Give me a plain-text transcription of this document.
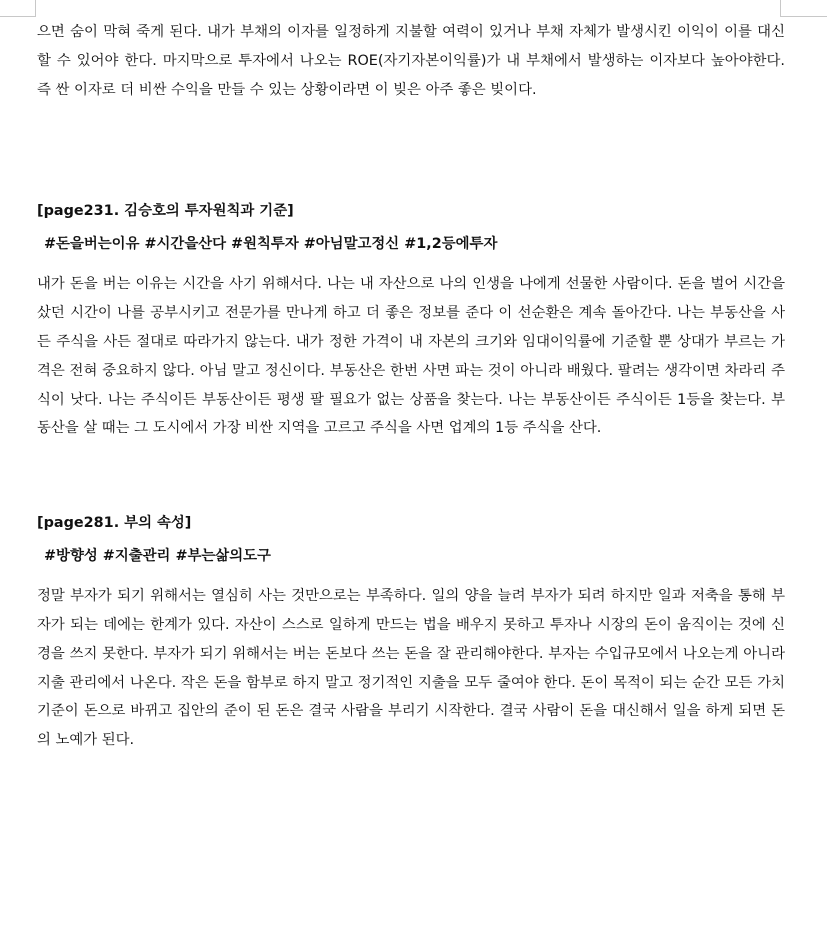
으면 숨이 막혀 죽게 된다. 내가 부채의 이자를 일정하게 지불할 여력이 있거나 부채 자체가 발생시킨 이익이 이를 대신할 수 있어야 한다. 마지막으로 투자에서 나오는 ROE(자기자본이익률)가 내 부채에서 발생하는 이자보다 높아야한다. 즉 싼 이자로 더 비싼 수익을 만들 수 있는 상황이라면 이 빚은 아주 좋은 빚이다.

[page231. 김승호의 투자원칙과 기준]

#돈을버는이유 #시간을산다 #원칙투자 #아님말고정신 #1,2등에투자

내가 돈을 버는 이유는 시간을 사기 위해서다. 나는 내 자산으로 나의 인생을 나에게 선물한 사람이다. 돈을 벌어 시간을 샀던 시간이 나를 공부시키고 전문가를 만나게 하고 더 좋은 정보를 준다 이 선순환은 계속 돌아간다. 나는 부동산을 사든 주식을 사든 절대로 따라가지 않는다. 내가 정한 가격이 내 자본의 크기와 임대이익률에 기준할 뿐 상대가 부르는 가격은 전혀 중요하지 않다. 아님 말고 정신이다. 부동산은 한번 사면 파는 것이 아니라 배웠다. 팔려는 생각이면 차라리 주식이 낫다. 나는 주식이든 부동산이든 평생 팔 필요가 없는 상품을 찾는다. 나는 부동산이든 주식이든 1등을 찾는다. 부동산을 살 때는 그 도시에서 가장 비싼 지역을 고르고 주식을 사면 업계의 1등 주식을 산다.

[page281. 부의 속성]

#방향성 #지출관리 #부는삶의도구

정말 부자가 되기 위해서는 열심히 사는 것만으로는 부족하다. 일의 양을 늘려 부자가 되려 하지만 일과 저축을 통해 부자가 되는 데에는 한계가 있다. 자산이 스스로 일하게 만드는 법을 배우지 못하고 투자나 시장의 돈이 움직이는 것에 신경을 쓰지 못한다. 부자가 되기 위해서는 버는 돈보다 쓰는 돈을 잘 관리해야한다. 부자는 수입규모에서 나오는게 아니라 지출 관리에서 나온다. 작은 돈을 함부로 하지 말고 정기적인 지출을 모두 줄여야 한다. 돈이 목적이 되는 순간 모든 가치기준이 돈으로 바뀌고 집안의 준이 된 돈은 결국 사람을 부리기 시작한다. 결국 사람이 돈을 대신해서 일을 하게 되면 돈의 노예가 된다.
